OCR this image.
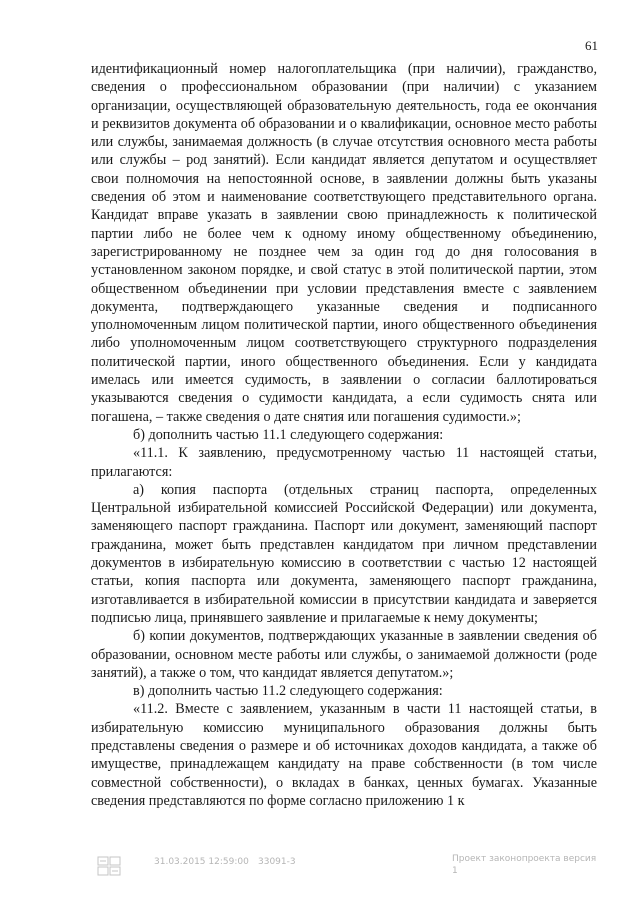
61

идентификационный номер налогоплательщика (при наличии), гражданство, сведения о профессиональном образовании (при наличии) с указанием организации, осуществляющей образовательную деятельность, года ее окончания и реквизитов документа об образовании и о квалификации, основное место работы или службы, занимаемая должность (в случае отсутствия основного места работы или службы – род занятий). Если кандидат является депутатом и осуществляет свои полномочия на непостоянной основе, в заявлении должны быть указаны сведения об этом и наименование соответствующего представительного органа. Кандидат вправе указать в заявлении свою принадлежность к политической партии либо не более чем к одному иному общественному объединению, зарегистрированному не позднее чем за один год до дня голосования в установленном законом порядке, и свой статус в этой политической партии, этом общественном объединении при условии представления вместе с заявлением документа, подтверждающего указанные сведения и подписанного уполномоченным лицом политической партии, иного общественного объединения либо уполномоченным лицом соответствующего структурного подразделения политической партии, иного общественного объединения. Если у кандидата имелась или имеется судимость, в заявлении о согласии баллотироваться указываются сведения о судимости кандидата, а если судимость снята или погашена, – также сведения о дате снятия или погашения судимости.»;

б) дополнить частью 11.1 следующего содержания:

«11.1. К заявлению, предусмотренному частью 11 настоящей статьи, прилагаются:

а) копия паспорта (отдельных страниц паспорта, определенных Центральной избирательной комиссией Российской Федерации) или документа, заменяющего паспорт гражданина. Паспорт или документ, заменяющий паспорт гражданина, может быть представлен кандидатом при личном представлении документов в избирательную комиссию в соответствии с частью 12 настоящей статьи, копия паспорта или документа, заменяющего паспорт гражданина, изготавливается в избирательной комиссии в присутствии кандидата и заверяется подписью лица, принявшего заявление и прилагаемые к нему документы;

б) копии документов, подтверждающих указанные в заявлении сведения об образовании, основном месте работы или службы, о занимаемой должности (роде занятий), а также о том, что кандидат является депутатом.»;

в) дополнить частью 11.2 следующего содержания:

«11.2. Вместе с заявлением, указанным в части 11 настоящей статьи, в избирательную комиссию муниципального образования должны быть представлены сведения о размере и об источниках доходов кандидата, а также об имуществе, принадлежащем кандидату на праве собственности (в том числе совместной собственности), о вкладах в банках, ценных бумагах. Указанные сведения представляются по форме согласно приложению 1 к

31.03.2015 12:59:00 33091-3	Проект законопроекта версия 1
